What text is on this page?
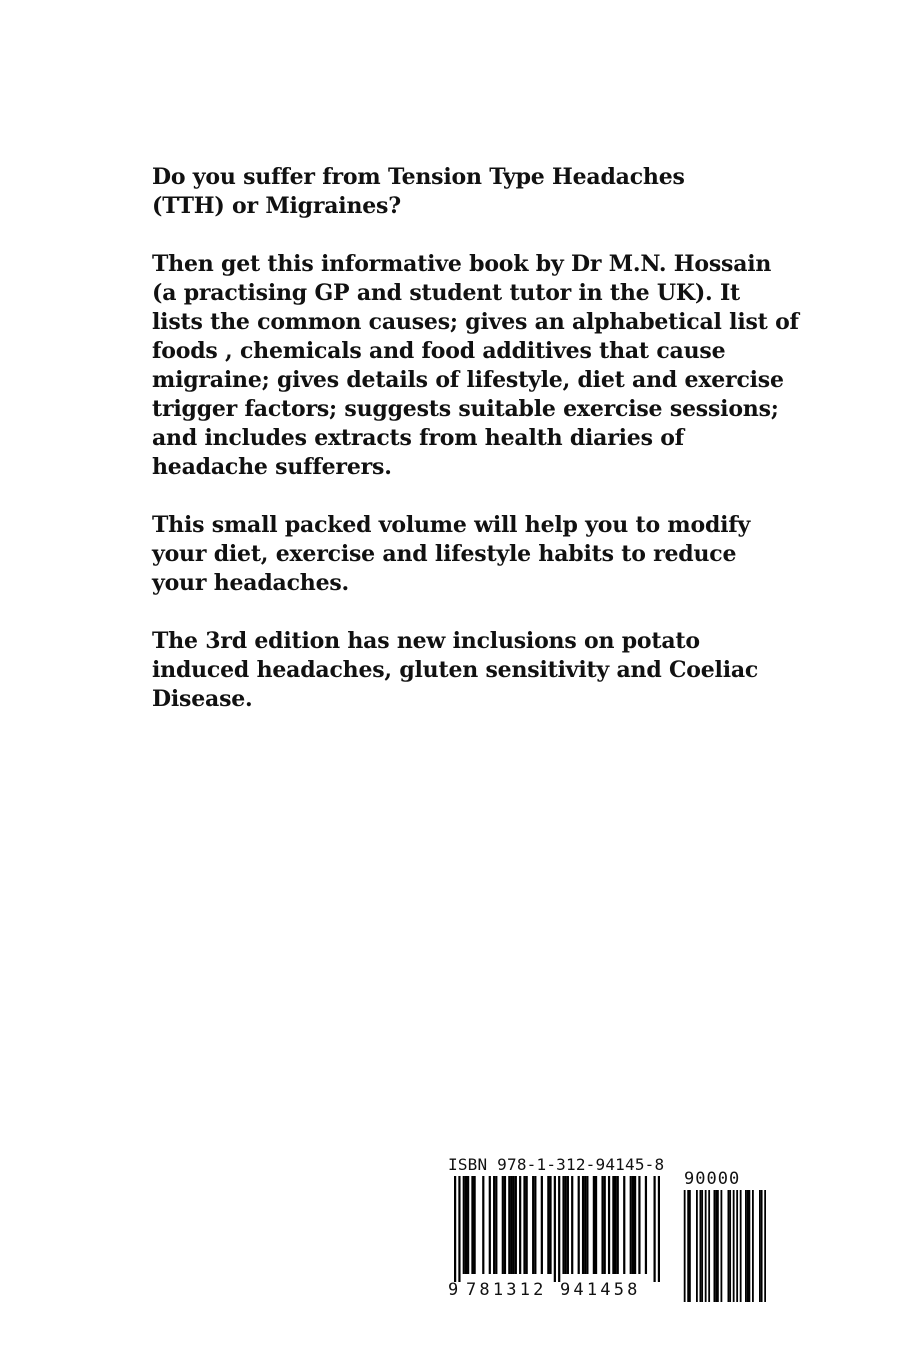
Do you suffer from Tension Type Headaches
(TTH) or Migraines?

Then get this informative book by Dr M.N. Hossain
(a practising GP and student tutor in the UK). It
lists the common causes; gives an alphabetical list of
foods , chemicals and food additives that cause
migraine; gives details of lifestyle, diet and exercise
trigger factors; suggests suitable exercise sessions;
and includes extracts from health diaries of
headache sufferers.

This small packed volume will help you to modify
your diet, exercise and lifestyle habits to reduce
your headaches.

The 3rd edition has new inclusions on potato
induced headaches, gluten sensitivity and Coeliac
Disease.

ISBN 978-1-312-94145-8
90000
9 781312 941458
